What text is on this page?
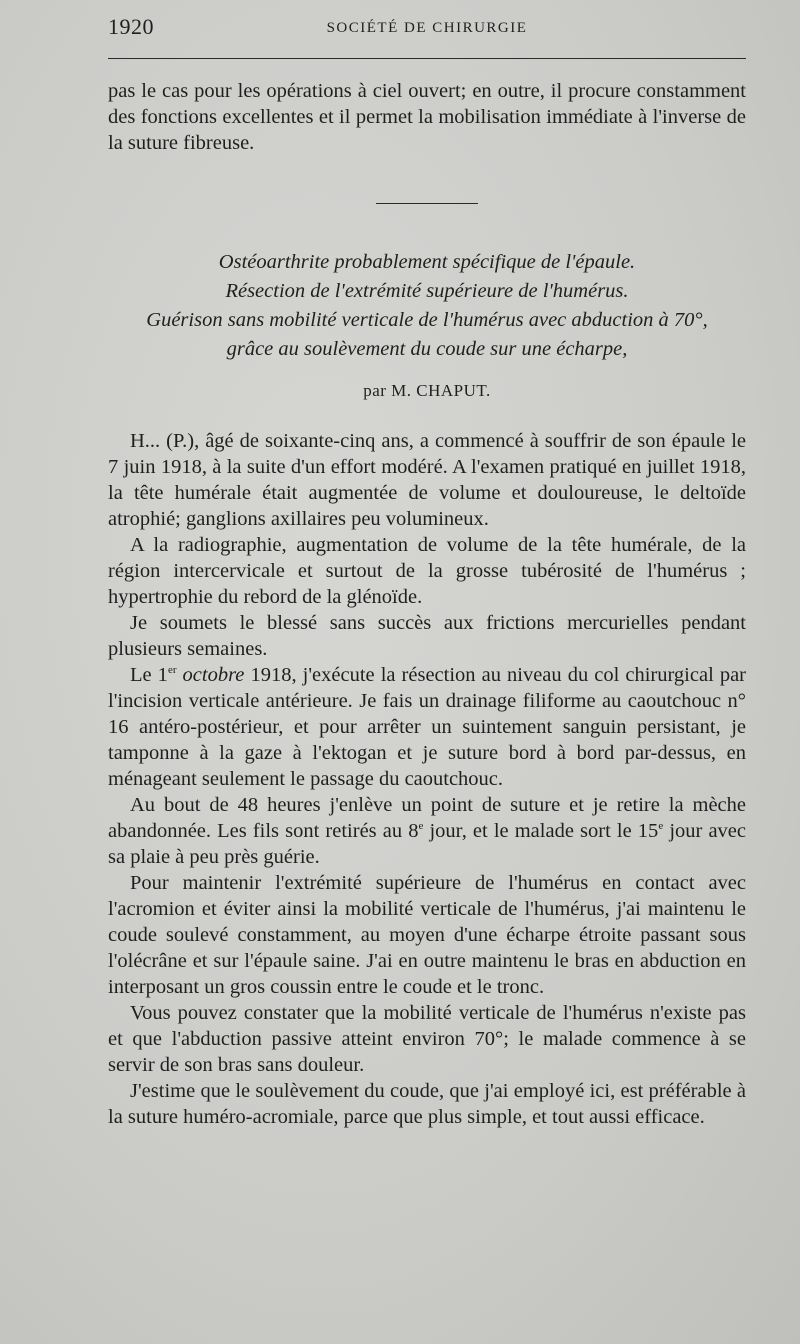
1920	SOCIÉTÉ DE CHIRURGIE

pas le cas pour les opérations à ciel ouvert; en outre, il procure constamment des fonctions excellentes et il permet la mobilisation immédiate à l'inverse de la suture fibreuse.

Ostéoarthrite probablement spécifique de l'épaule.
Résection de l'extrémité supérieure de l'humérus.
Guérison sans mobilité verticale de l'humérus avec abduction à 70°,
grâce au soulèvement du coude sur une écharpe,
par M. CHAPUT.

H... (P.), âgé de soixante-cinq ans, a commencé à souffrir de son épaule le 7 juin 1918, à la suite d'un effort modéré. A l'examen pratiqué en juillet 1918, la tête humérale était augmentée de volume et douloureuse, le deltoïde atrophié; ganglions axillaires peu volumineux.

A la radiographie, augmentation de volume de la tête humérale, de la région intercervicale et surtout de la grosse tubérosité de l'humérus ; hypertrophie du rebord de la glénoïde.

Je soumets le blessé sans succès aux frictions mercurielles pendant plusieurs semaines.

Le 1er octobre 1918, j'exécute la résection au niveau du col chirurgical par l'incision verticale antérieure. Je fais un drainage filiforme au caoutchouc n° 16 antéro-postérieur, et pour arrêter un suintement sanguin persistant, je tamponne à la gaze à l'ektogan et je suture bord à bord par-dessus, en ménageant seulement le passage du caoutchouc.

Au bout de 48 heures j'enlève un point de suture et je retire la mèche abandonnée. Les fils sont retirés au 8e jour, et le malade sort le 15e jour avec sa plaie à peu près guérie.

Pour maintenir l'extrémité supérieure de l'humérus en contact avec l'acromion et éviter ainsi la mobilité verticale de l'humérus, j'ai maintenu le coude soulevé constamment, au moyen d'une écharpe étroite passant sous l'olécrâne et sur l'épaule saine. J'ai en outre maintenu le bras en abduction en interposant un gros coussin entre le coude et le tronc.

Vous pouvez constater que la mobilité verticale de l'humérus n'existe pas et que l'abduction passive atteint environ 70°; le malade commence à se servir de son bras sans douleur.

J'estime que le soulèvement du coude, que j'ai employé ici, est préférable à la suture huméro-acromiale, parce que plus simple, et tout aussi efficace.
